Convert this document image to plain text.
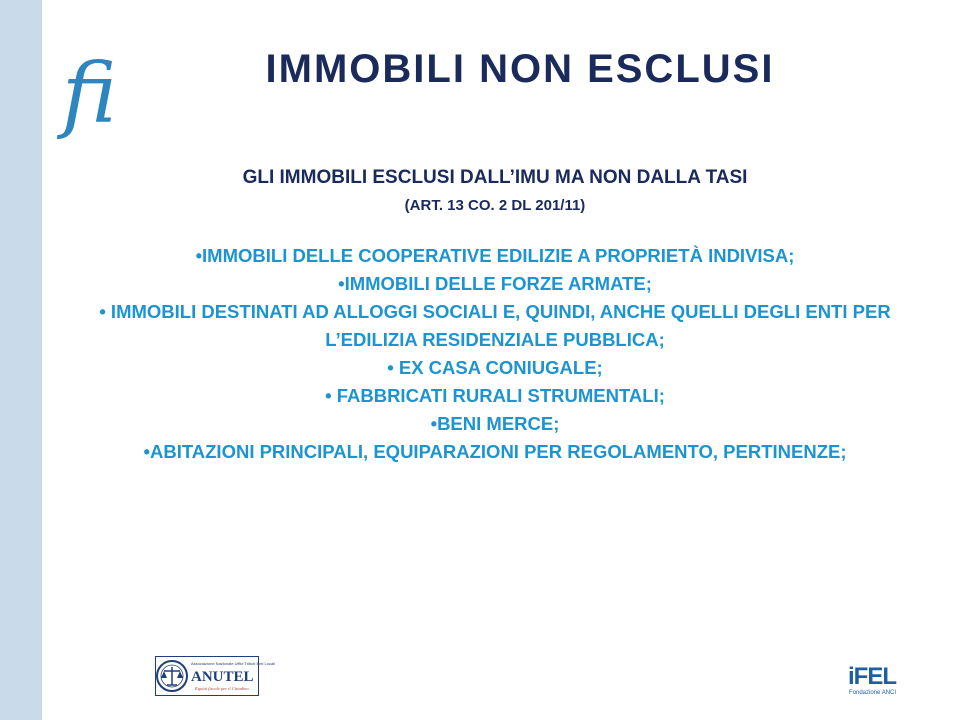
fi	IMMOBILI NON ESCLUSI
GLI IMMOBILI ESCLUSI DALL’IMU MA NON DALLA TASI
(ART. 13 CO. 2 DL 201/11)

•IMMOBILI DELLE COOPERATIVE EDILIZIE A PROPRIETÀ INDIVISA;

•IMMOBILI DELLE FORZE ARMATE;

• IMMOBILI DESTINATI AD ALLOGGI SOCIALI E, QUINDI, ANCHE QUELLI DEGLI ENTI PER L’EDILIZIA RESIDENZIALE PUBBLICA;

• EX CASA CONIUGALE;

• FABBRICATI RURALI STRUMENTALI;

•BENI MERCE;

•ABITAZIONI PRINCIPALI, EQUIPARAZIONI PER REGOLAMENTO, PERTINENZE;

Associazione Nazionale Uffici Tributi Enti Locali
ANUTEL
Equità fiscale per il Cittadino	iFEL
Fondazione ANCI
